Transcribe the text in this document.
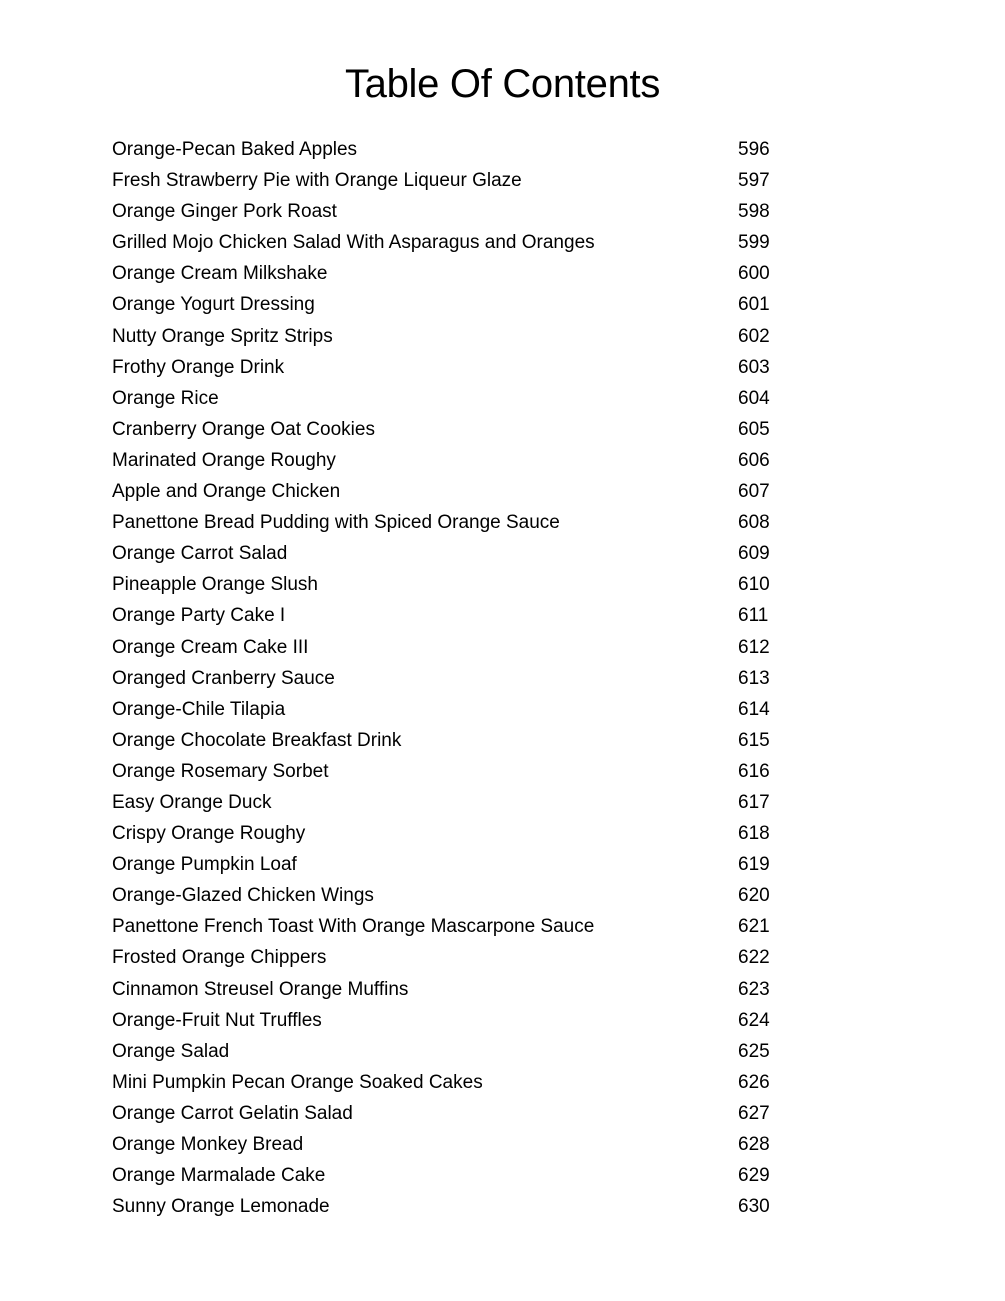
Table Of Contents
Orange-Pecan Baked Apples	596
Fresh Strawberry Pie with Orange Liqueur Glaze	597
Orange Ginger Pork Roast	598
Grilled Mojo Chicken Salad With Asparagus and Oranges	599
Orange Cream Milkshake	600
Orange Yogurt Dressing	601
Nutty Orange Spritz Strips	602
Frothy Orange Drink	603
Orange Rice	604
Cranberry Orange Oat Cookies	605
Marinated Orange Roughy	606
Apple and Orange Chicken	607
Panettone Bread Pudding with Spiced Orange Sauce	608
Orange Carrot Salad	609
Pineapple Orange Slush	610
Orange Party Cake I	611
Orange Cream Cake III	612
Oranged Cranberry Sauce	613
Orange-Chile Tilapia	614
Orange Chocolate Breakfast Drink	615
Orange Rosemary Sorbet	616
Easy Orange Duck	617
Crispy Orange Roughy	618
Orange Pumpkin Loaf	619
Orange-Glazed Chicken Wings	620
Panettone French Toast With Orange Mascarpone Sauce	621
Frosted Orange Chippers	622
Cinnamon Streusel Orange Muffins	623
Orange-Fruit Nut Truffles	624
Orange Salad	625
Mini Pumpkin Pecan Orange Soaked Cakes	626
Orange Carrot Gelatin Salad	627
Orange Monkey Bread	628
Orange Marmalade Cake	629
Sunny Orange Lemonade	630
